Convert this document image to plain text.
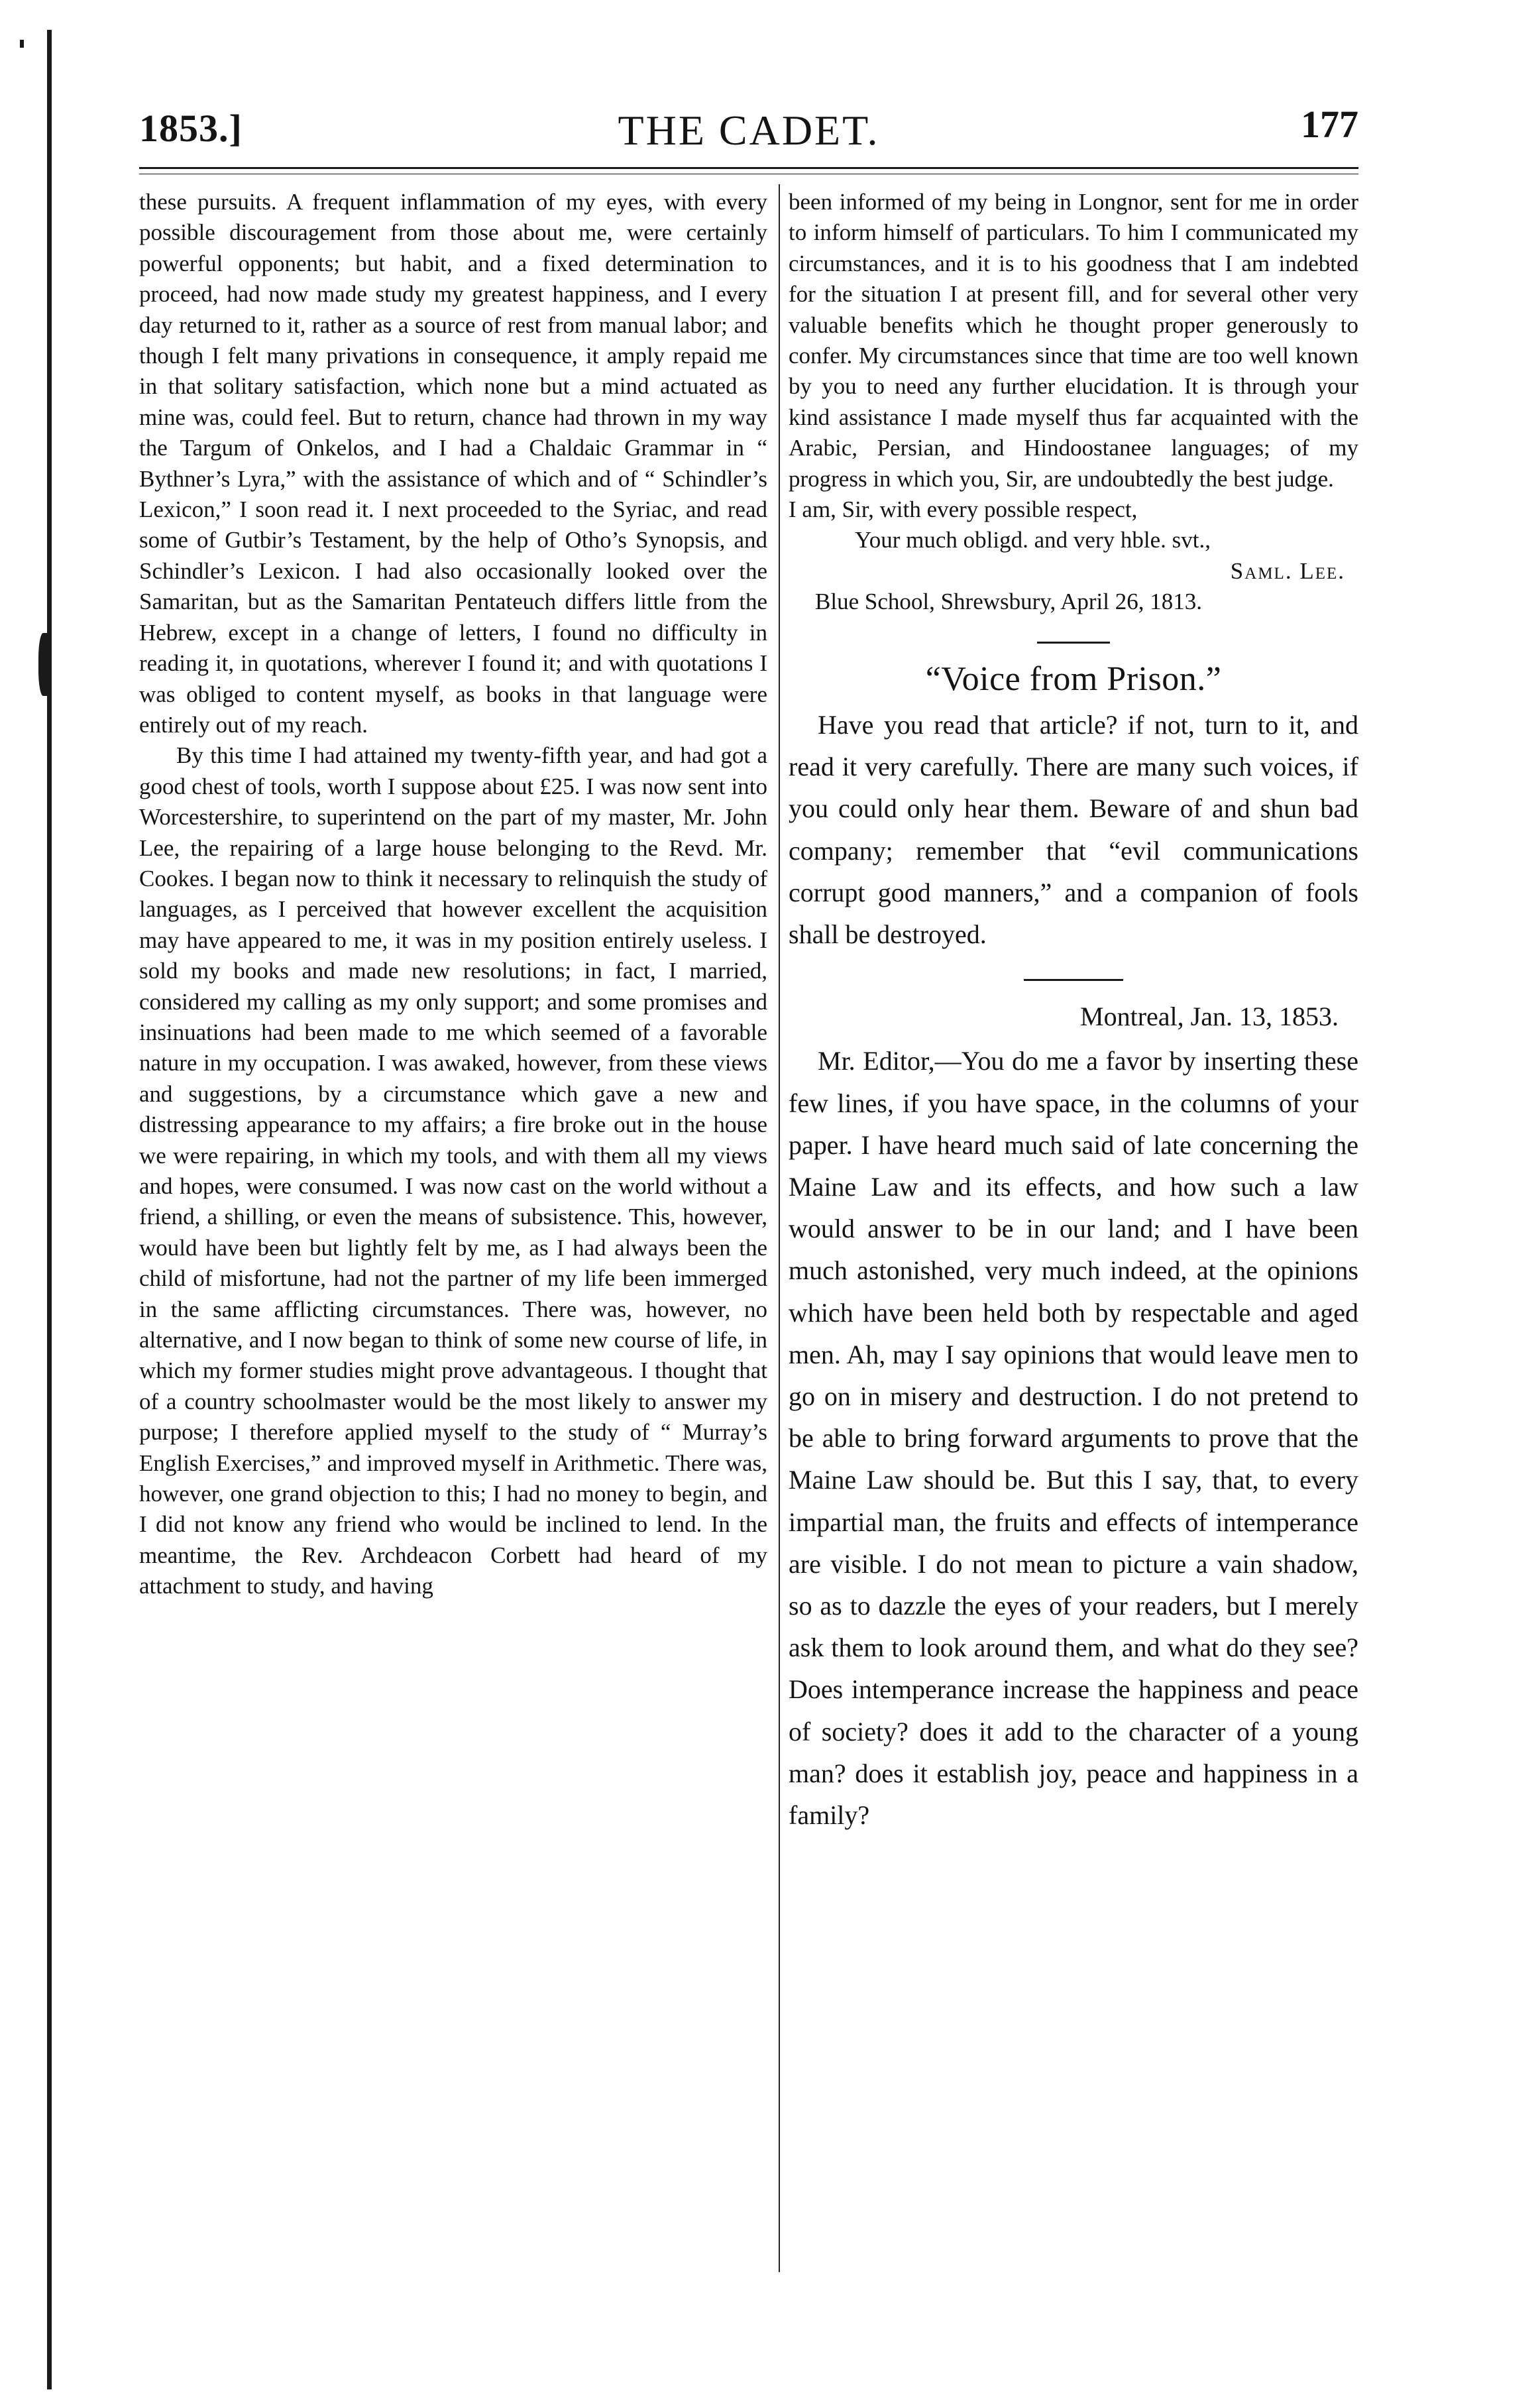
1853.]	THE CADET.	177

these pursuits. A frequent inflammation of my eyes, with every possible discouragement from those about me, were certainly powerful opponents; but habit, and a fixed determination to proceed, had now made study my greatest happiness, and I every day returned to it, rather as a source of rest from manual labor; and though I felt many privations in consequence, it amply repaid me in that solitary satisfaction, which none but a mind actuated as mine was, could feel. But to return, chance had thrown in my way the Targum of Onkelos, and I had a Chaldaic Grammar in “ Bythner’s Lyra,” with the assistance of which and of “ Schindler’s Lexicon,” I soon read it. I next proceeded to the Syriac, and read some of Gutbir’s Testament, by the help of Otho’s Synopsis, and Schindler’s Lexicon. I had also occasionally looked over the Samaritan, but as the Samaritan Pentateuch differs little from the Hebrew, except in a change of letters, I found no difficulty in reading it, in quotations, wherever I found it; and with quotations I was obliged to content myself, as books in that language were entirely out of my reach.

By this time I had attained my twenty-fifth year, and had got a good chest of tools, worth I suppose about £25. I was now sent into Worcestershire, to superintend on the part of my master, Mr. John Lee, the repairing of a large house belonging to the Revd. Mr. Cookes. I began now to think it necessary to relinquish the study of languages, as I perceived that however excellent the acquisition may have appeared to me, it was in my position entirely useless. I sold my books and made new resolutions; in fact, I married, considered my calling as my only support; and some promises and insinuations had been made to me which seemed of a favorable nature in my occupation. I was awaked, however, from these views and suggestions, by a circumstance which gave a new and distressing appearance to my affairs; a fire broke out in the house we were repairing, in which my tools, and with them all my views and hopes, were consumed. I was now cast on the world without a friend, a shilling, or even the means of subsistence. This, however, would have been but lightly felt by me, as I had always been the child of misfortune, had not the partner of my life been immerged in the same afflicting circumstances. There was, however, no alternative, and I now began to think of some new course of life, in which my former studies might prove advantageous. I thought that of a country schoolmaster would be the most likely to answer my purpose; I therefore applied myself to the study of “ Murray’s English Exercises,” and improved myself in Arithmetic. There was, however, one grand objection to this; I had no money to begin, and I did not know any friend who would be inclined to lend. In the meantime, the Rev. Archdeacon Corbett had heard of my attachment to study, and having

been informed of my being in Longnor, sent for me in order to inform himself of particulars. To him I communicated my circumstances, and it is to his goodness that I am indebted for the situation I at present fill, and for several other very valuable benefits which he thought proper generously to confer. My circumstances since that time are too well known by you to need any further elucidation. It is through your kind assistance I made myself thus far acquainted with the Arabic, Persian, and Hindoostanee languages; of my progress in which you, Sir, are undoubtedly the best judge.

I am, Sir, with every possible respect,

Your much obligd. and very hble. svt.,

Saml. Lee.

Blue School, Shrewsbury, April 26, 1813.

“Voice from Prison.”

Have you read that article? if not, turn to it, and read it very carefully. There are many such voices, if you could only hear them. Beware of and shun bad company; remember that “evil communications corrupt good manners,” and a companion of fools shall be destroyed.

Montreal, Jan. 13, 1853.

Mr. Editor,—You do me a favor by inserting these few lines, if you have space, in the columns of your paper. I have heard much said of late concerning the Maine Law and its effects, and how such a law would answer to be in our land; and I have been much astonished, very much indeed, at the opinions which have been held both by respectable and aged men. Ah, may I say opinions that would leave men to go on in misery and destruction. I do not pretend to be able to bring forward arguments to prove that the Maine Law should be. But this I say, that, to every impartial man, the fruits and effects of intemperance are visible. I do not mean to picture a vain shadow, so as to dazzle the eyes of your readers, but I merely ask them to look around them, and what do they see? Does intemperance increase the happiness and peace of society? does it add to the character of a young man? does it establish joy, peace and happiness in a family?
